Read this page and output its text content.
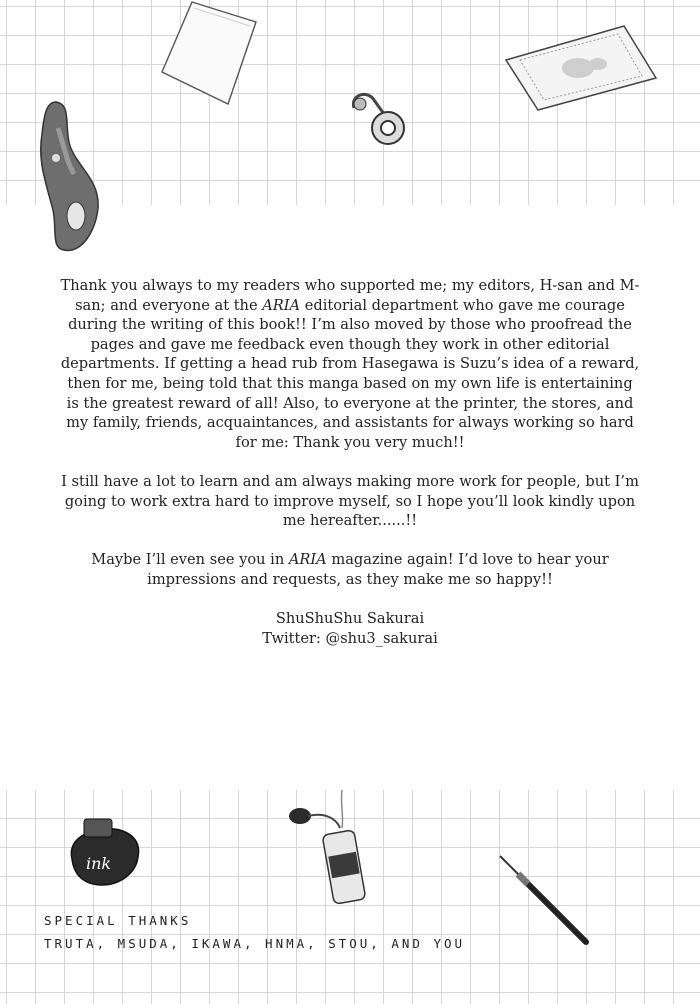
Thank you always to my readers who supported me; my editors, H-san and M-san; and everyone at the ARIA editorial department who gave me courage during the writing of this book!! I’m also moved by those who proofread the pages and gave me feedback even though they work in other editorial departments. If getting a head rub from Hasegawa is Suzu’s idea of a reward, then for me, being told that this manga based on my own life is entertaining is the greatest reward of all! Also, to everyone at the printer, the stores, and my family, friends, acquaintances, and assistants for always working so hard for me: Thank you very much!!

I still have a lot to learn and am always making more work for people, but I’m going to work extra hard to improve myself, so I hope you’ll look kindly upon me hereafter......!!

Maybe I’ll even see you in ARIA magazine again! I’d love to hear your impressions and requests, as they make me so happy!!

ShuShuShu Sakurai
Twitter: @shu3_sakurai
ink
SPECIAL THANKS
TRUTA, MSUDA, IKAWA, HNMA, STOU, AND YOU
